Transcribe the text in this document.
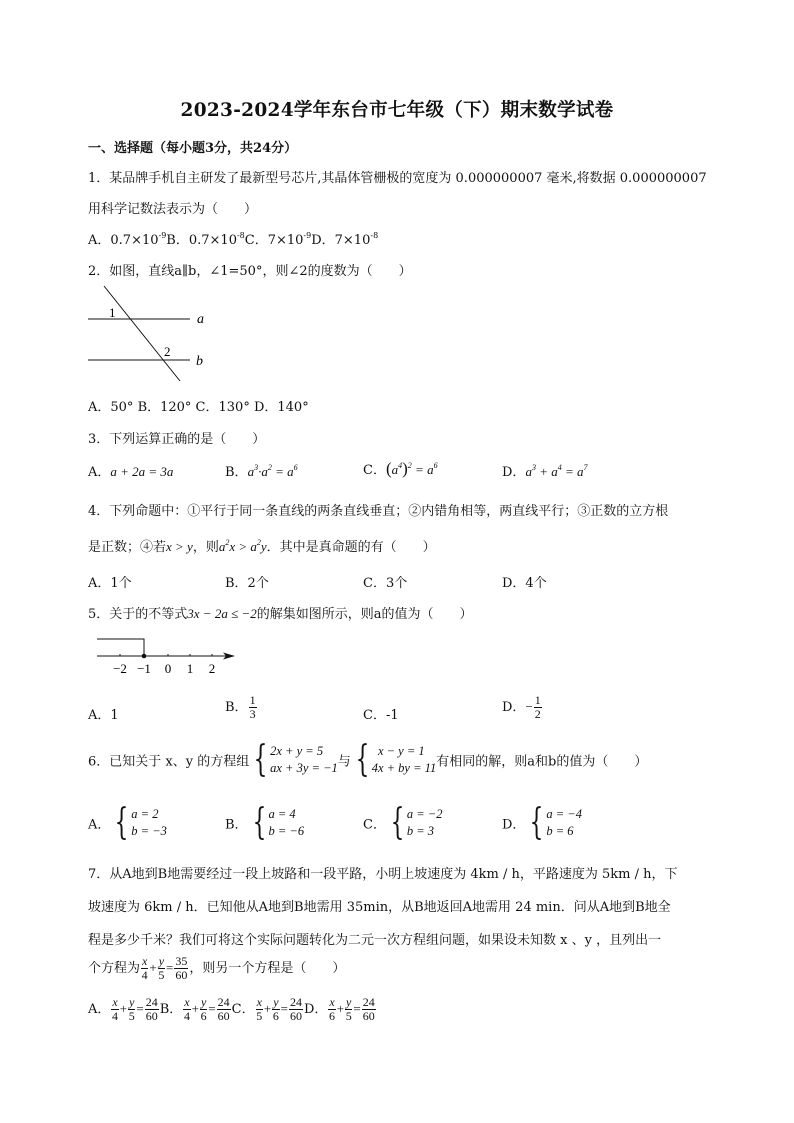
2023-2024学年东台市七年级（下）期末数学试卷
一、选择题（每小题3分，共24分）
1．某品牌手机自主研发了最新型号芯片,其晶体管栅极的宽度为 0.000000007 毫米,将数据 0.000000007
用科学记数法表示为（　　）
A．$0.7\times 10^{-9}B$．$0.7\times 10^{-8}C$．$7\times 10^{-9}D$．$7\times 10^{-8}$
2．如图，直线a∥b，∠1=50°，则∠2的度数为（　　）
1
2
a
b
A．50° B．120° C．130° D．140°
3．下列运算正确的是（　　）
A．a + 2a = 3a	B．$a^3\cdot a^2 = a^6$	C．$(a^4)^2 = a^6$	D．$a^3 + a^4 = a^7$
4．下列命题中：①平行于同一条直线的两条直线垂直；②内错角相等，两直线平行；③正数的立方根
是正数；④若x > y，则$a^2x > a^2y$．其中是真命题的有（　　）
A．1个	B．2个	C．3个	D．4个
5．关于的不等式3x − 2a ≤ −2的解集如图所示，则a的值为（　　）
−2 −1 0 1 2
A．1
B． $\frac{1}{3}$	C．-1
D．− $\frac{1}{2}$
6．已知关于 x、y 的方程组 { 2x + y = 5
ax + 3y = −1 与 { x − y = 1
4x + by = 11 有相同的解，则a和b的值为（　　）
A． { a = 2
b = −3	B． { a = 4
b = −6	C． { a = −2
b = 3	D． { a = −4
b = 6
7．从A地到B地需要经过一段上坡路和一段平路，小明上坡速度为 4km / h，平路速度为 5km / h，下
坡速度为 6km / h．已知他从A地到B地需用 35min，从B地返回A地需用 24 min．问从A地到B地全
程是多少千米？我们可将这个实际问题转化为二元一次方程组问题，如果设未知数 x 、y ，且列出一
个方程为 $\frac{x}{4} + \frac{y}{5} = \frac{35}{60}$ ，则另一个方程是（　　）
A． $\frac{x}{4} + \frac{y}{5} = \frac{24}{60}$ B． $\frac{x}{4} + \frac{y}{6} = \frac{24}{60}$ C． $\frac{x}{5} + \frac{y}{6} = \frac{24}{60}$ D． $\frac{x}{6} + \frac{y}{5} = \frac{24}{60}$
